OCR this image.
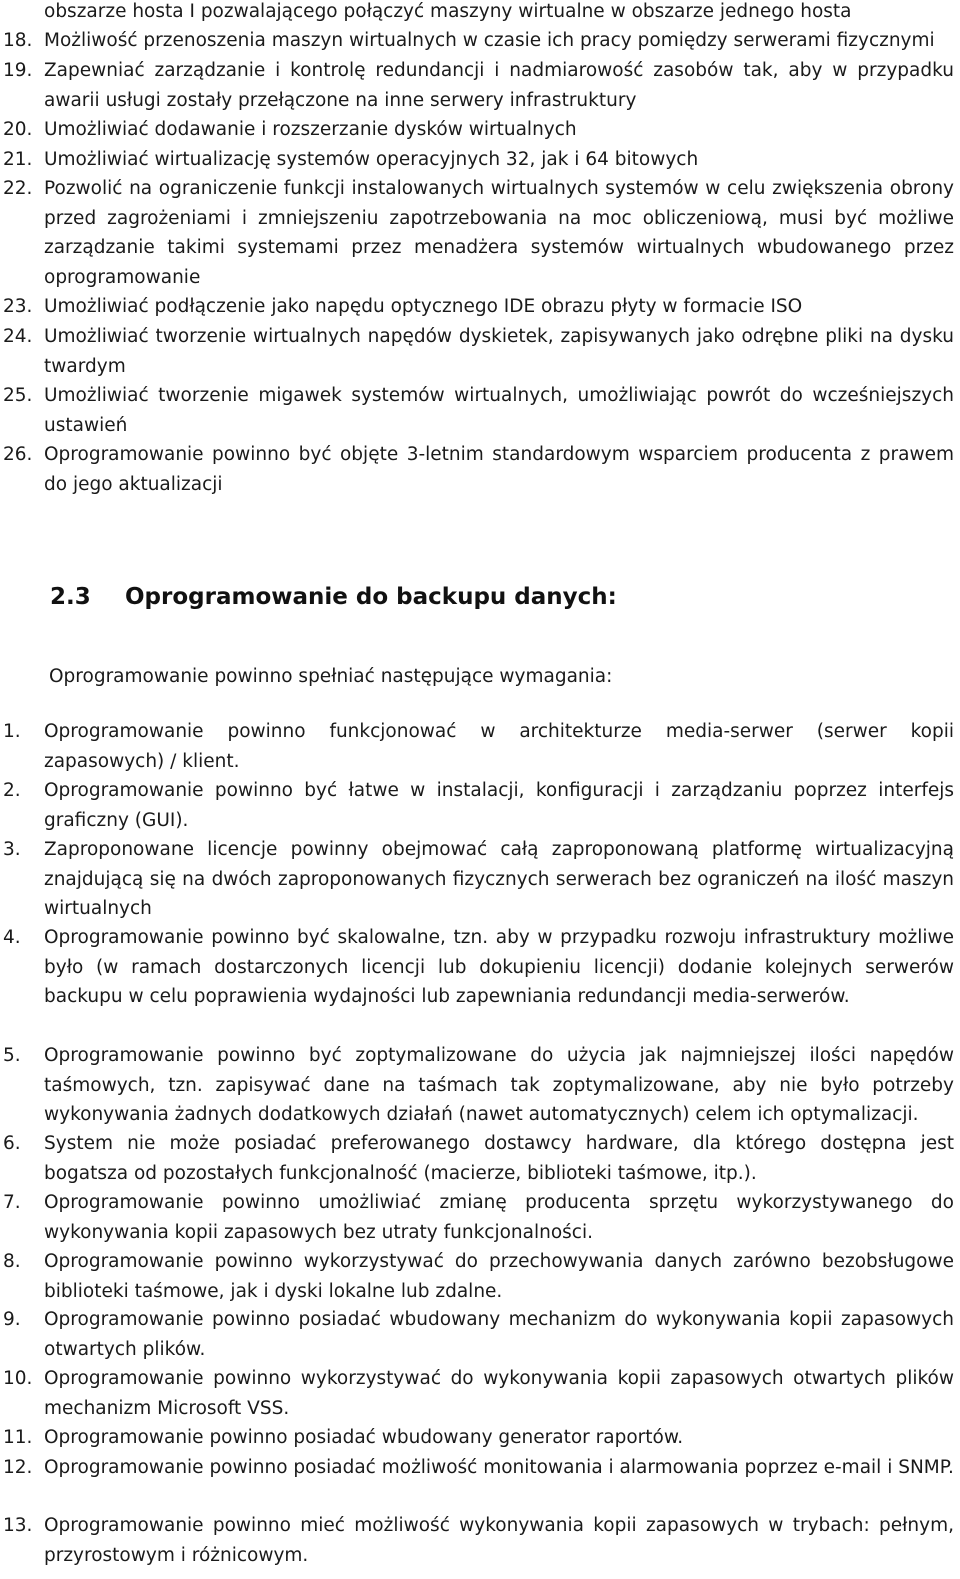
obszarze hosta I pozwalającego połączyć maszyny wirtualne w obszarze jednego hosta
18. Możliwość przenoszenia maszyn wirtualnych w czasie ich pracy pomiędzy serwerami fizycznymi
19. Zapewniać zarządzanie i kontrolę redundancji i nadmiarowość zasobów tak, aby w przypadku awarii usługi zostały przełączone na inne serwery infrastruktury
20. Umożliwiać dodawanie i rozszerzanie dysków wirtualnych
21. Umożliwiać wirtualizację systemów operacyjnych 32, jak i 64 bitowych
22. Pozwolić na ograniczenie funkcji instalowanych wirtualnych systemów w celu zwiększenia obrony przed zagrożeniami i zmniejszeniu zapotrzebowania na moc obliczeniową, musi być możliwe zarządzanie takimi systemami przez menadżera systemów wirtualnych wbudowanego przez oprogramowanie
23. Umożliwiać podłączenie jako napędu optycznego IDE obrazu płyty w formacie ISO
24. Umożliwiać tworzenie wirtualnych napędów dyskietek, zapisywanych jako odrębne pliki na dysku twardym
25. Umożliwiać tworzenie migawek systemów wirtualnych, umożliwiając powrót do wcześniejszych ustawień
26. Oprogramowanie powinno być objęte 3-letnim standardowym wsparciem producenta z prawem do jego aktualizacji
2.3 Oprogramowanie do backupu danych:
Oprogramowanie powinno spełniać następujące wymagania:
1. Oprogramowanie powinno funkcjonować w architekturze media-serwer (serwer kopii zapasowych) / klient.
2. Oprogramowanie powinno być łatwe w instalacji, konfiguracji i zarządzaniu poprzez interfejs graficzny (GUI).
3. Zaproponowane licencje powinny obejmować całą zaproponowaną platformę wirtualizacyjną znajdującą się na dwóch zaproponowanych fizycznych serwerach bez ograniczeń na ilość maszyn wirtualnych
4. Oprogramowanie powinno być skalowalne, tzn. aby w przypadku rozwoju infrastruktury możliwe było (w ramach dostarczonych licencji lub dokupieniu licencji) dodanie kolejnych serwerów backupu w celu poprawienia wydajności lub zapewniania redundancji media-serwerów.
5. Oprogramowanie powinno być zoptymalizowane do użycia jak najmniejszej ilości napędów taśmowych, tzn. zapisywać dane na taśmach tak zoptymalizowane, aby nie było potrzeby wykonywania żadnych dodatkowych działań (nawet automatycznych) celem ich optymalizacji.
6. System nie może posiadać preferowanego dostawcy hardware, dla którego dostępna jest bogatsza od pozostałych funkcjonalność (macierze, biblioteki taśmowe, itp.).
7. Oprogramowanie powinno umożliwiać zmianę producenta sprzętu wykorzystywanego do wykonywania kopii zapasowych bez utraty funkcjonalności.
8. Oprogramowanie powinno wykorzystywać do przechowywania danych zarówno bezobsługowe biblioteki taśmowe, jak i dyski lokalne lub zdalne.
9. Oprogramowanie powinno posiadać wbudowany mechanizm do wykonywania kopii zapasowych otwartych plików.
10. Oprogramowanie powinno wykorzystywać do wykonywania kopii zapasowych otwartych plików mechanizm Microsoft VSS.
11. Oprogramowanie powinno posiadać wbudowany generator raportów.
12. Oprogramowanie powinno posiadać możliwość monitowania i alarmowania poprzez e-mail i SNMP.
13. Oprogramowanie powinno mieć możliwość wykonywania kopii zapasowych w trybach: pełnym, przyrostowym i różnicowym.
